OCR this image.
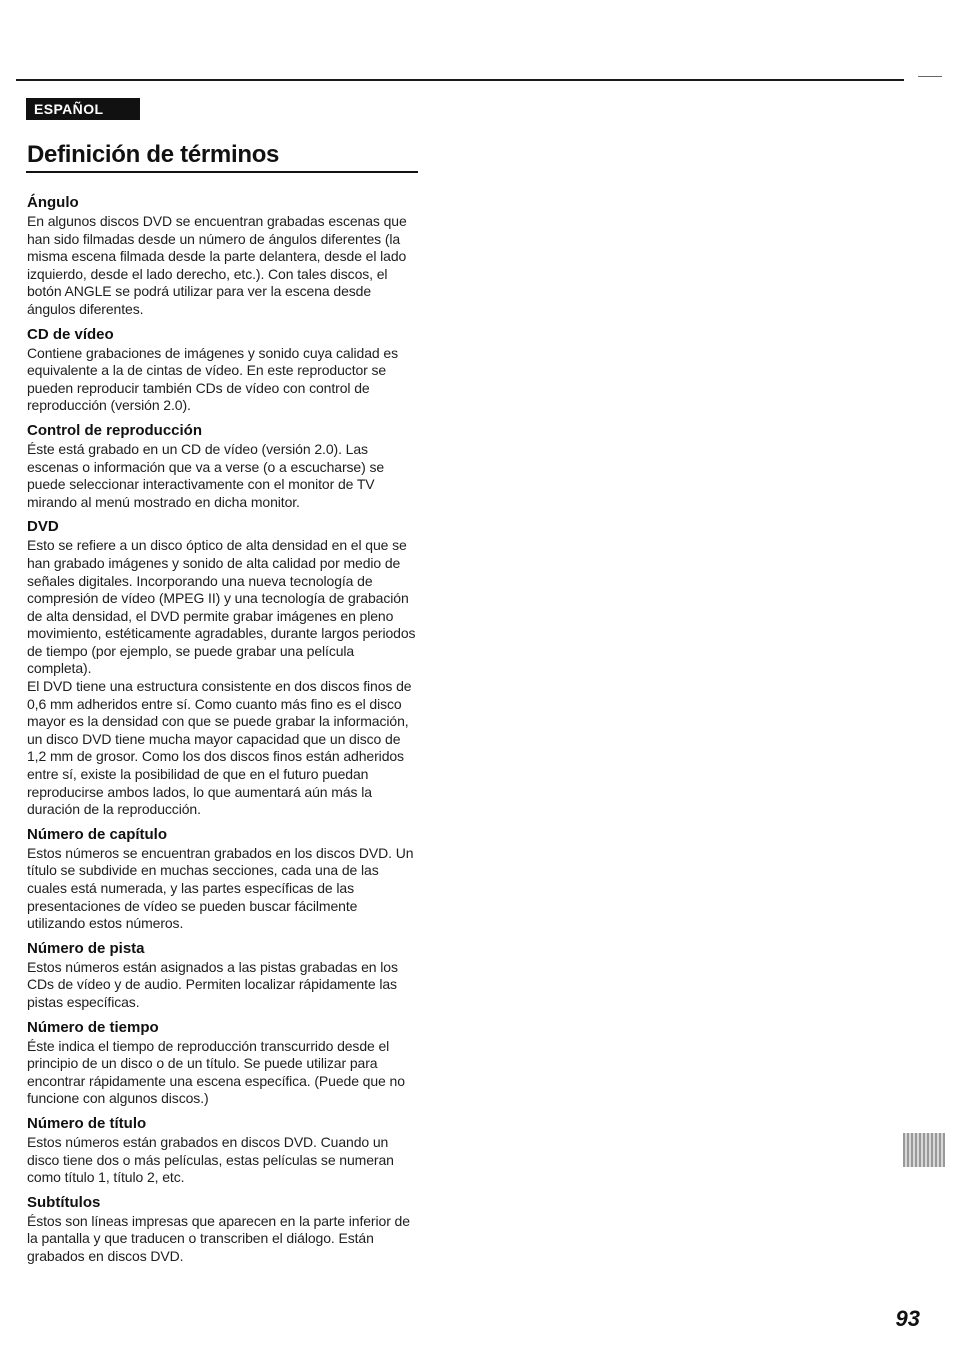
ESPAÑOL
Definición de términos
Ángulo

En algunos discos DVD se encuentran grabadas escenas que han sido filmadas desde un número de ángulos diferentes (la misma escena filmada desde la parte delantera, desde el lado izquierdo, desde el lado derecho, etc.). Con tales discos, el botón ANGLE se podrá utilizar para ver la escena desde ángulos diferentes.

CD de vídeo

Contiene grabaciones de imágenes y sonido cuya calidad es equivalente a la de cintas de vídeo. En este reproductor se pueden reproducir también CDs de vídeo con control de reproducción (versión 2.0).

Control de reproducción

Éste está grabado en un CD de vídeo (versión 2.0). Las escenas o información que va a verse (o a escucharse) se puede seleccionar interactivamente con el monitor de TV mirando al menú mostrado en dicha monitor.

DVD

Esto se refiere a un disco óptico de alta densidad en el que se han grabado imágenes y sonido de alta calidad por medio de señales digitales. Incorporando una nueva tecnología de compresión de vídeo (MPEG II) y una tecnología de grabación de alta densidad, el DVD permite grabar imágenes en pleno movimiento, estéticamente agradables, durante largos periodos de tiempo (por ejemplo, se puede grabar una película completa).

El DVD tiene una estructura consistente en dos discos finos de 0,6 mm adheridos entre sí. Como cuanto más fino es el disco mayor es la densidad con que se puede grabar la información, un disco DVD tiene mucha mayor capacidad que un disco de 1,2 mm de grosor. Como los dos discos finos están adheridos entre sí, existe la posibilidad de que en el futuro puedan reproducirse ambos lados, lo que aumentará aún más la duración de la reproducción.

Número de capítulo

Estos números se encuentran grabados en los discos DVD. Un título se subdivide en muchas secciones, cada una de las cuales está numerada, y las partes específicas de las presentaciones de vídeo se pueden buscar fácilmente utilizando estos números.

Número de pista

Estos números están asignados a las pistas grabadas en los CDs de vídeo y de audio. Permiten localizar rápidamente las pistas específicas.

Número de tiempo

Éste indica el tiempo de reproducción transcurrido desde el principio de un disco o de un título. Se puede utilizar para encontrar rápidamente una escena específica. (Puede que no funcione con algunos discos.)

Número de título

Estos números están grabados en discos DVD. Cuando un disco tiene dos o más películas, estas películas se numeran como título 1, título 2, etc.

Subtítulos

Éstos son líneas impresas que aparecen en la parte inferior de la pantalla y que traducen o transcriben el diálogo. Están grabados en discos DVD.

93
